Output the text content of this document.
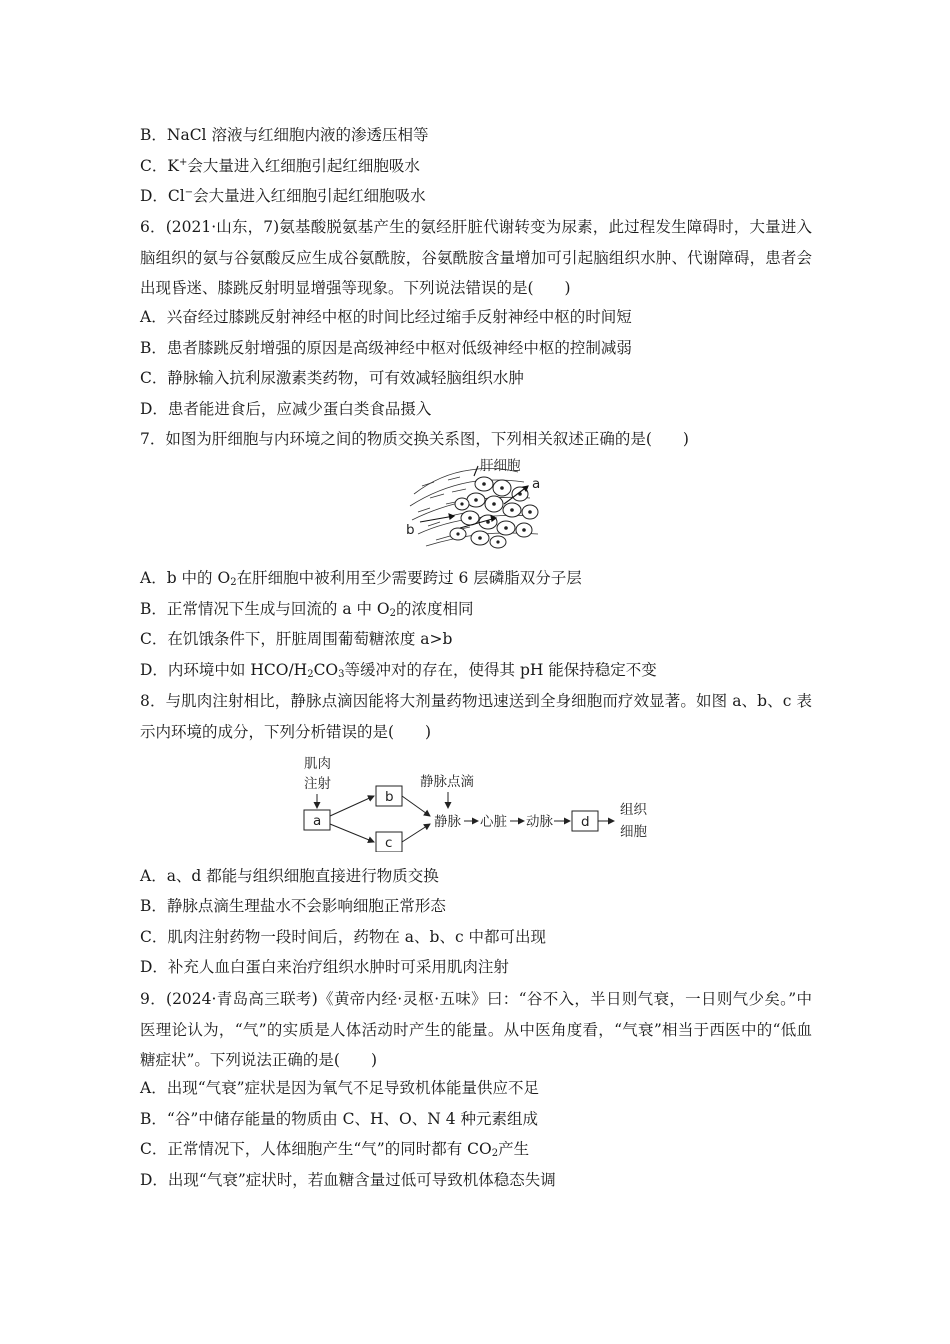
B．NaCl 溶液与红细胞内液的渗透压相等
C．K+会大量进入红细胞引起红细胞吸水
D．Cl−会大量进入红细胞引起红细胞吸水
6．(2021·山东，7)氨基酸脱氨基产生的氨经肝脏代谢转变为尿素，此过程发生障碍时，大量进入脑组织的氨与谷氨酸反应生成谷氨酰胺，谷氨酰胺含量增加可引起脑组织水肿、代谢障碍，患者会出现昏迷、膝跳反射明显增强等现象。下列说法错误的是(　　)
A．兴奋经过膝跳反射神经中枢的时间比经过缩手反射神经中枢的时间短
B．患者膝跳反射增强的原因是高级神经中枢对低级神经中枢的控制减弱
C．静脉输入抗利尿激素类药物，可有效减轻脑组织水肿
D．患者能进食后，应减少蛋白类食品摄入
7．如图为肝细胞与内环境之间的物质交换关系图，下列相关叙述正确的是(　　)
肝细胞
a
b
A．b 中的 $O_2$在肝细胞中被利用至少需要跨过 6 层磷脂双分子层
B．正常情况下生成与回流的 a 中 $O_2$的浓度相同
C．在饥饿条件下，肝脏周围葡萄糖浓度 a>b
D．内环境中如 HCO/$H_2CO_3$等缓冲对的存在，使得其 pH 能保持稳定不变
8．与肌肉注射相比，静脉点滴因能将大剂量药物迅速送到全身细胞而疗效显著。如图 a、b、c 表示内环境的成分，下列分析错误的是(　　)
肌肉
注射
a
b
c
静脉点滴
静脉 心脏 动脉 d
组织
细胞
A．a、d 都能与组织细胞直接进行物质交换
B．静脉点滴生理盐水不会影响细胞正常形态
C．肌肉注射药物一段时间后，药物在 a、b、c 中都可出现
D．补充人血白蛋白来治疗组织水肿时可采用肌肉注射
9．(2024·青岛高三联考)《黄帝内经·灵枢·五味》曰：“谷不入，半日则气衰，一日则气少矣。”中医理论认为，“气”的实质是人体活动时产生的能量。从中医角度看，“气衰”相当于西医中的“低血糖症状”。下列说法正确的是(　　)
A．出现“气衰”症状是因为氧气不足导致机体能量供应不足
B．“谷”中储存能量的物质由 C、H、O、N 4 种元素组成
C．正常情况下，人体细胞产生“气”的同时都有 $CO_2$产生
D．出现“气衰”症状时，若血糖含量过低可导致机体稳态失调
